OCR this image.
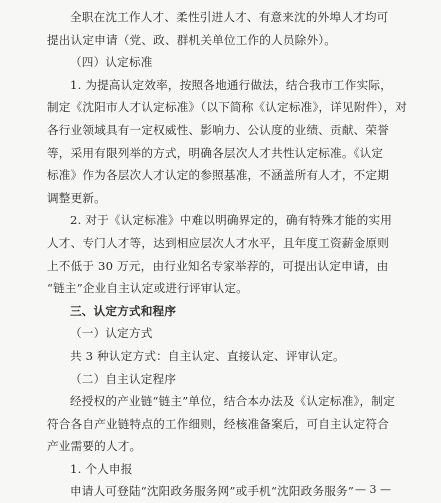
全职在沈工作人才、柔性引进人才、有意来沈的外埠人才均可

提出认定申请（党、政、群机关单位工作的人员除外）。

（四）认定标准

1. 为提高认定效率，按照各地通行做法，结合我市工作实际，

制定《沈阳市人才认定标准》（以下简称《认定标准》，详见附件），对

各行业领域具有一定权威性、影响力、公认度的业绩、贡献、荣誉

等，采用有限列举的方式，明确各层次人才共性认定标准。《认定

标准》作为各层次人才认定的参照基准，不涵盖所有人才，不定期

调整更新。

2. 对于《认定标准》中难以明确界定的，确有特殊才能的实用

人才、专门人才等，达到相应层次人才水平，且年度工资薪金原则

上不低于 30 万元，由行业知名专家举荐的，可提出认定申请，由

“链主”企业自主认定或进行评审认定。

三、认定方式和程序

（一）认定方式

共 3 种认定方式：自主认定、直接认定、评审认定。

（二）自主认定程序

经授权的产业链“链主”单位，结合本办法及《认定标准》，制定

符合各自产业链特点的工作细则，经核准备案后，可自主认定符合

产业需要的人才。

1. 个人申报

申请人可登陆“沈阳政务服务网”或手机“沈阳政务服务” — 3 —
